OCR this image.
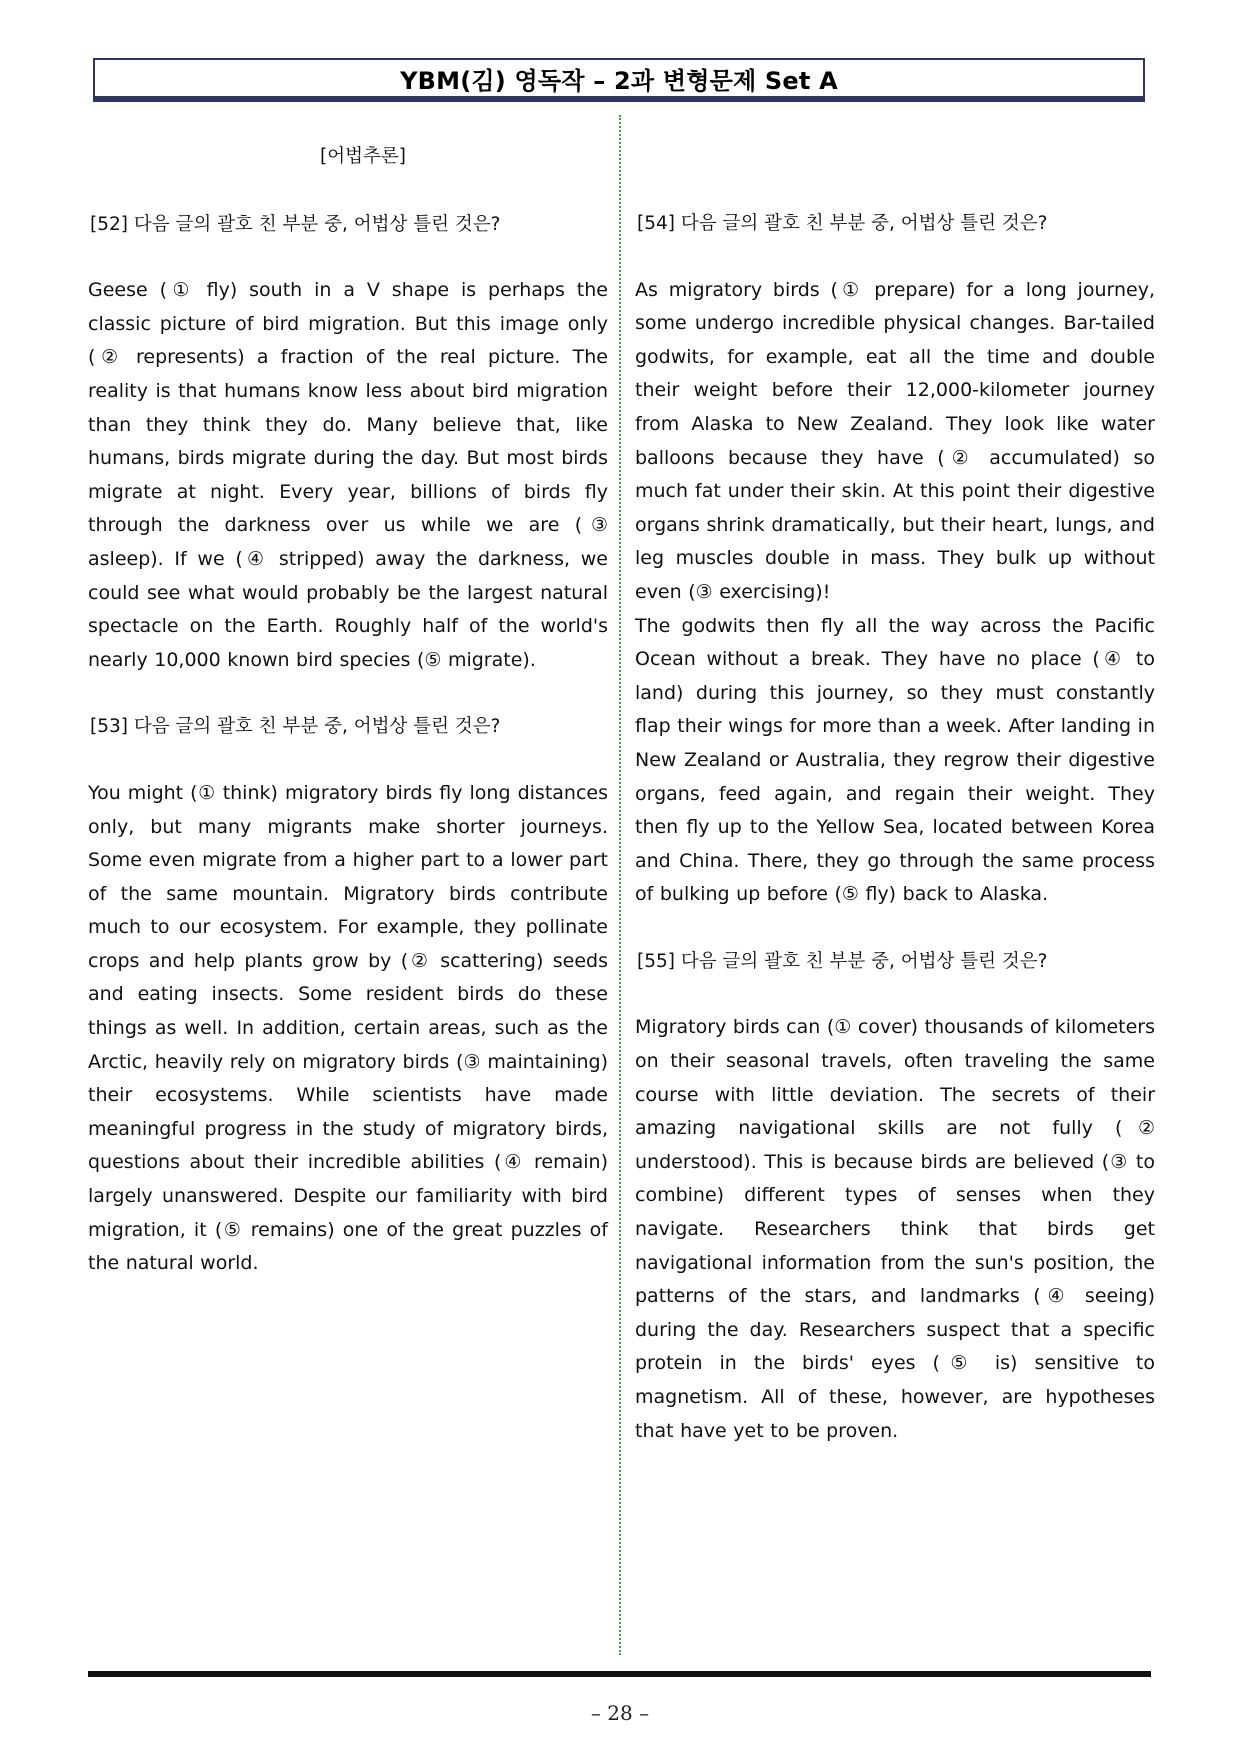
YBM(김) 영독작 – 2과 변형문제 Set A
[어법추론]
[52] 다음 글의 괄호 친 부분 중, 어법상 틀린 것은?

Geese (① fly) south in a V shape is perhaps the classic picture of bird migration. But this image only (② represents) a fraction of the real picture. The reality is that humans know less about bird migration than they think they do. Many believe that, like humans, birds migrate during the day. But most birds migrate at night. Every year, billions of birds fly through the darkness over us while we are (③ asleep). If we (④ stripped) away the darkness, we could see what would probably be the largest natural spectacle on the Earth. Roughly half of the world's nearly 10,000 known bird species (⑤ migrate).

[53] 다음 글의 괄호 친 부분 중, 어법상 틀린 것은?

You might (① think) migratory birds fly long distances only, but many migrants make shorter journeys. Some even migrate from a higher part to a lower part of the same mountain. Migratory birds contribute much to our ecosystem. For example, they pollinate crops and help plants grow by (② scattering) seeds and eating insects. Some resident birds do these things as well. In addition, certain areas, such as the Arctic, heavily rely on migratory birds (③ maintaining) their ecosystems. While scientists have made meaningful progress in the study of migratory birds, questions about their incredible abilities (④ remain) largely unanswered. Despite our familiarity with bird migration, it (⑤ remains) one of the great puzzles of the natural world.

[54] 다음 글의 괄호 친 부분 중, 어법상 틀린 것은?

As migratory birds (① prepare) for a long journey, some undergo incredible physical changes. Bar-tailed godwits, for example, eat all the time and double their weight before their 12,000-kilometer journey from Alaska to New Zealand. They look like water balloons because they have (② accumulated) so much fat under their skin. At this point their digestive organs shrink dramatically, but their heart, lungs, and leg muscles double in mass. They bulk up without even (③ exercising)!

The godwits then fly all the way across the Pacific Ocean without a break. They have no place (④ to land) during this journey, so they must constantly flap their wings for more than a week. After landing in New Zealand or Australia, they regrow their digestive organs, feed again, and regain their weight. They then fly up to the Yellow Sea, located between Korea and China. There, they go through the same process of bulking up before (⑤ fly) back to Alaska.

[55] 다음 글의 괄호 친 부분 중, 어법상 틀린 것은?

Migratory birds can (① cover) thousands of kilometers on their seasonal travels, often traveling the same course with little deviation. The secrets of their amazing navigational skills are not fully (② understood). This is because birds are believed (③ to combine) different types of senses when they navigate. Researchers think that birds get navigational information from the sun's position, the patterns of the stars, and landmarks (④ seeing) during the day. Researchers suspect that a specific protein in the birds' eyes (⑤ is) sensitive to magnetism. All of these, however, are hypotheses that have yet to be proven.

– 28 –
